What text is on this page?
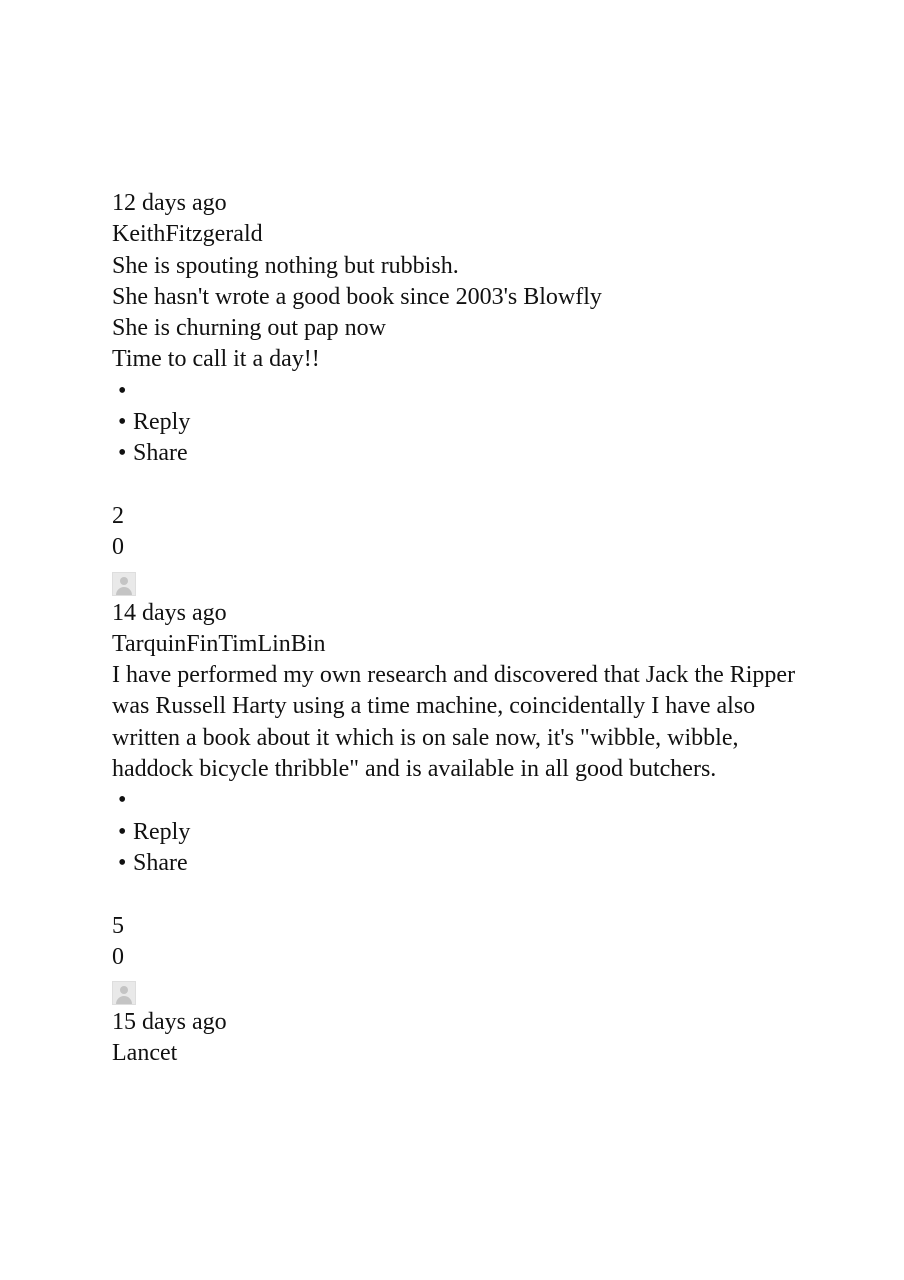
12 days ago
KeithFitzgerald
She is spouting nothing but rubbish.
She hasn't wrote a good book since 2003's Blowfly
She is churning out pap now
Time to call it a day!!
•
• Reply
• Share
2
0
14 days ago
TarquinFinTimLinBin
I have performed my own research and discovered that Jack the Ripper was Russell Harty using a time machine, coincidentally I have also written a book about it which is on sale now, it's "wibble, wibble, haddock bicycle thribble" and is available in all good butchers.
•
• Reply
• Share
5
0
15 days ago
Lancet
